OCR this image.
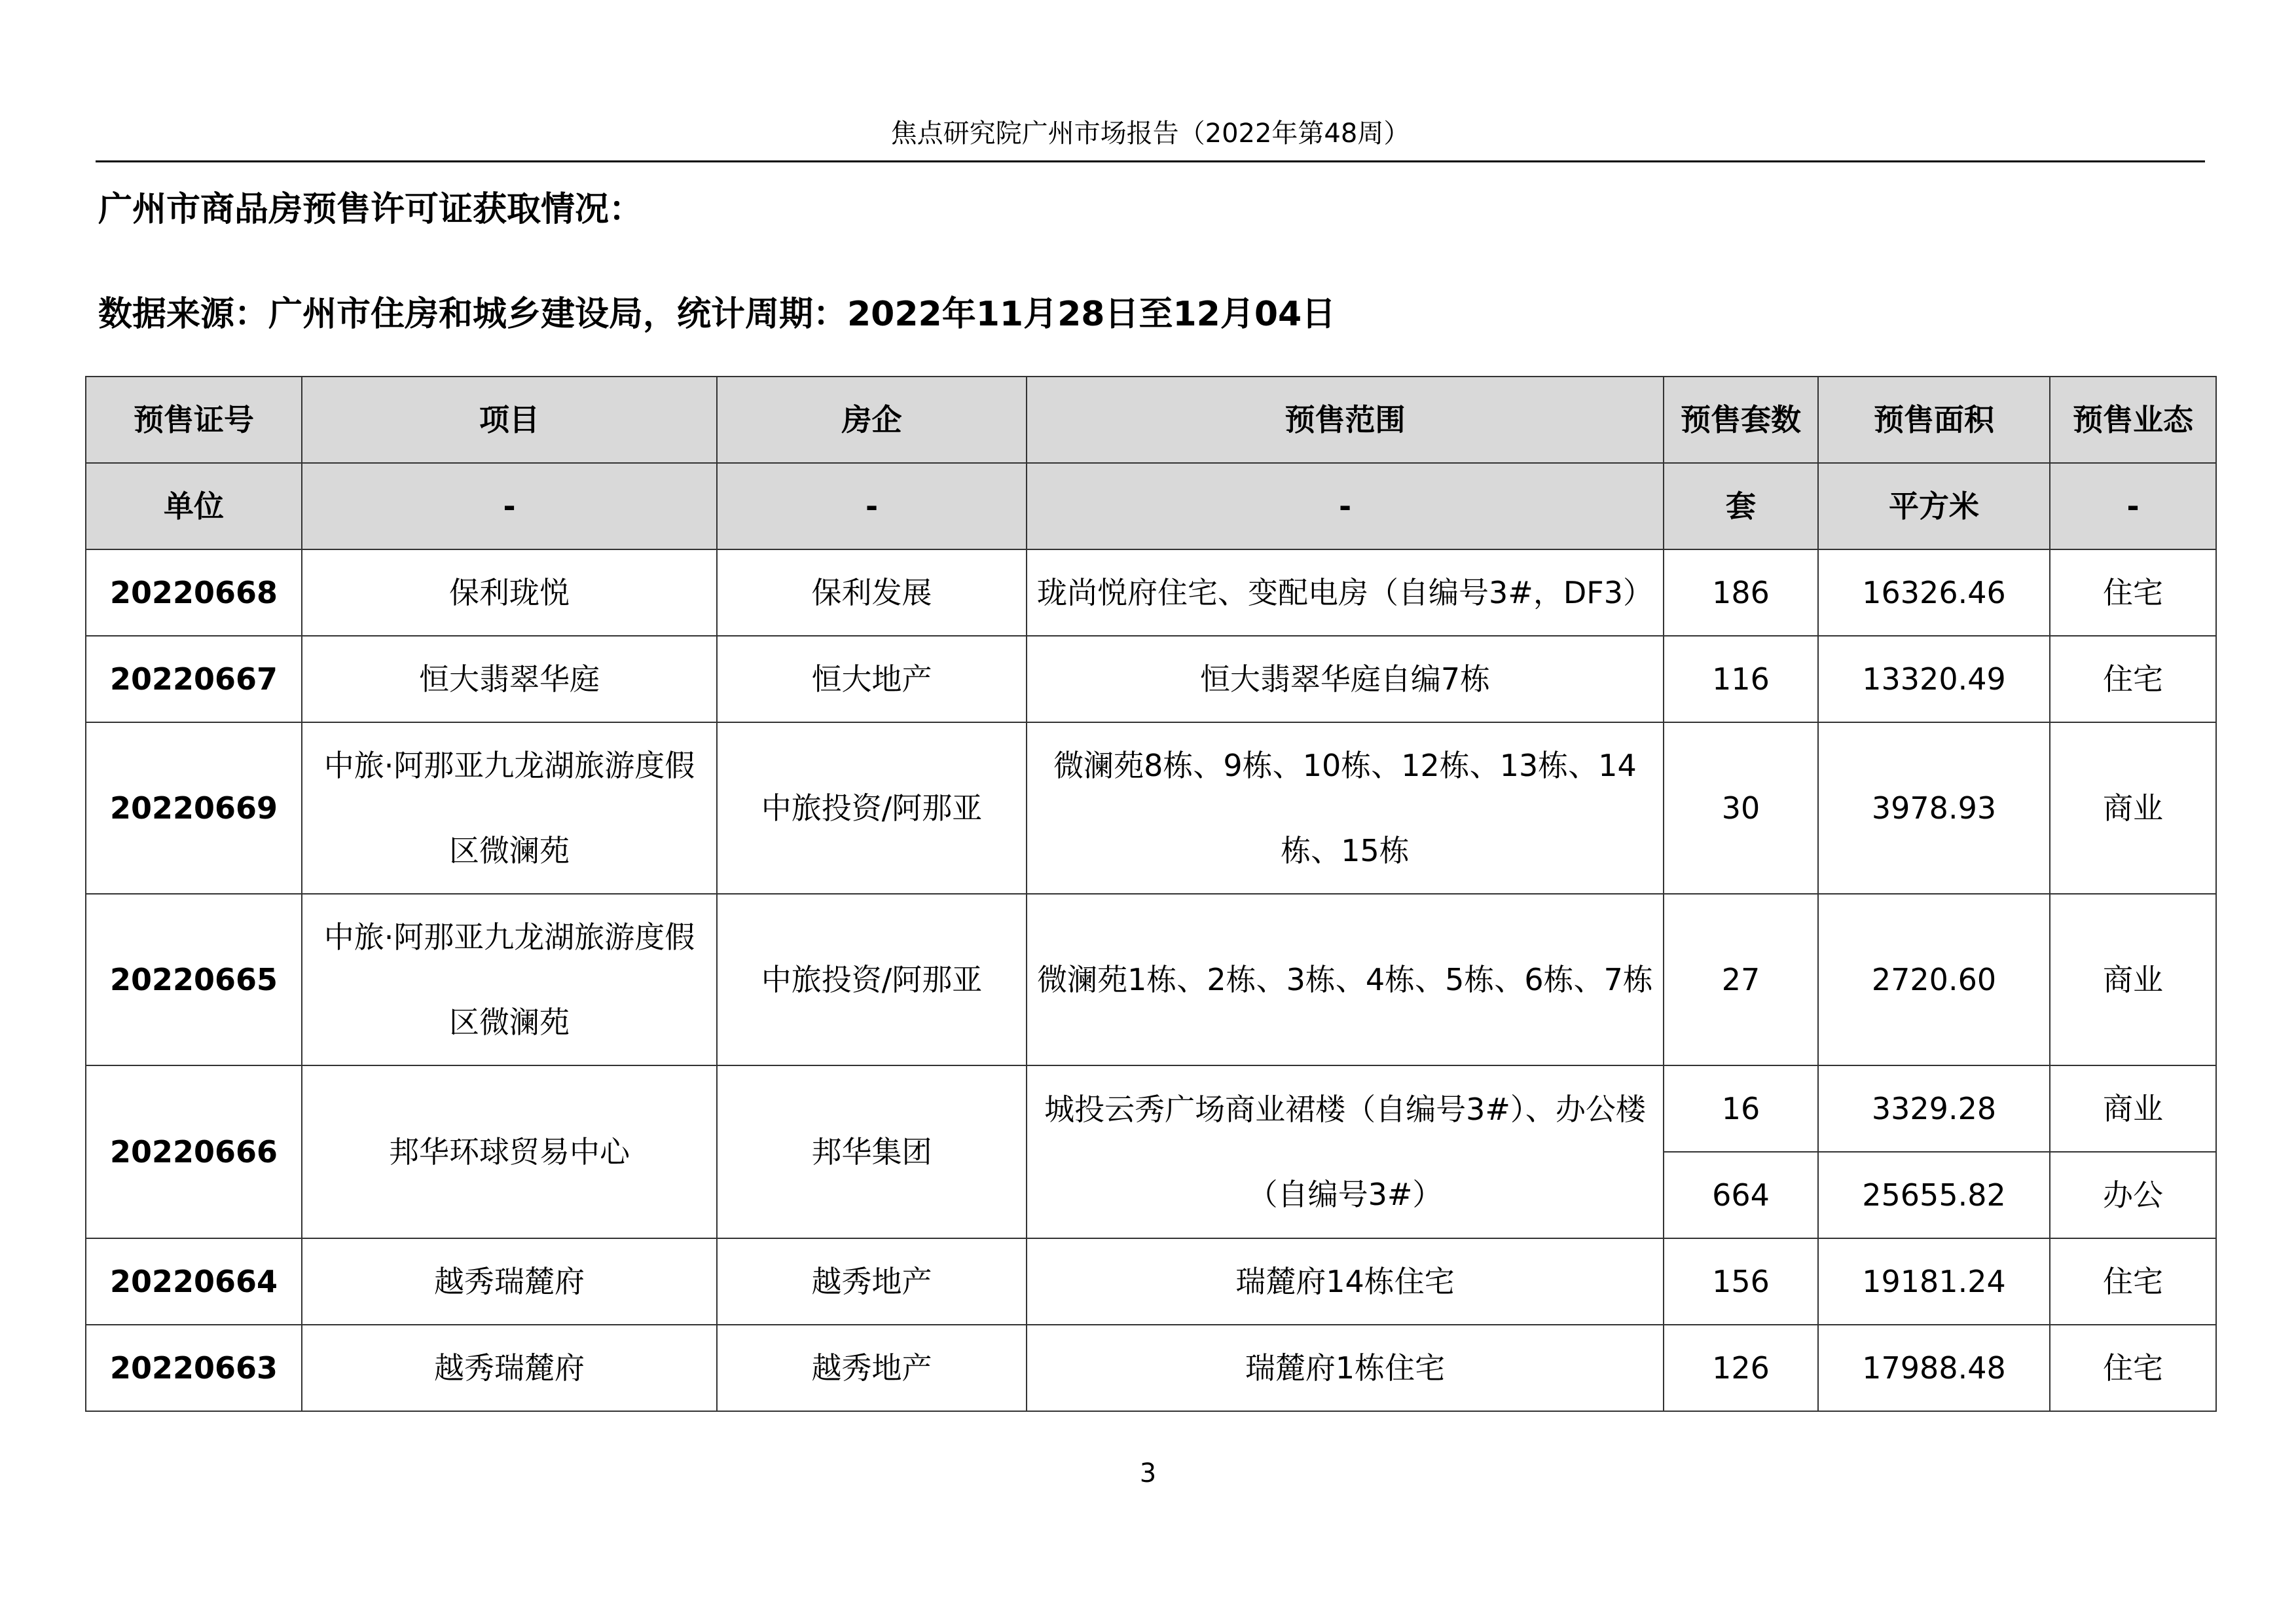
焦点研究院广州市场报告（2022年第48周）
广州市商品房预售许可证获取情况：
数据来源：广州市住房和城乡建设局，统计周期：2022年11月28日至12月04日
预售证号	项目	房企	预售范围	预售套数	预售面积	预售业态
单位	-	-	-	套	平方米	-
20220668	保利珑悦	保利发展	珑尚悦府住宅、变配电房（自编号3#，DF3）	186	16326.46	住宅
20220667	恒大翡翠华庭	恒大地产	恒大翡翠华庭自编7栋	116	13320.49	住宅
20220669	中旅·阿那亚九龙湖旅游度假区微澜苑	中旅投资/阿那亚	微澜苑8栋、9栋、10栋、12栋、13栋、14栋、15栋	30	3978.93	商业
20220665	中旅·阿那亚九龙湖旅游度假区微澜苑	中旅投资/阿那亚	微澜苑1栋、2栋、3栋、4栋、5栋、6栋、7栋	27	2720.60	商业
20220666	邦华环球贸易中心	邦华集团	城投云秀广场商业裙楼（自编号3#）、办公楼（自编号3#）	16	3329.28	商业
				664	25655.82	办公
20220664	越秀瑞麓府	越秀地产	瑞麓府14栋住宅	156	19181.24	住宅
20220663	越秀瑞麓府	越秀地产	瑞麓府1栋住宅	126	17988.48	住宅
3
